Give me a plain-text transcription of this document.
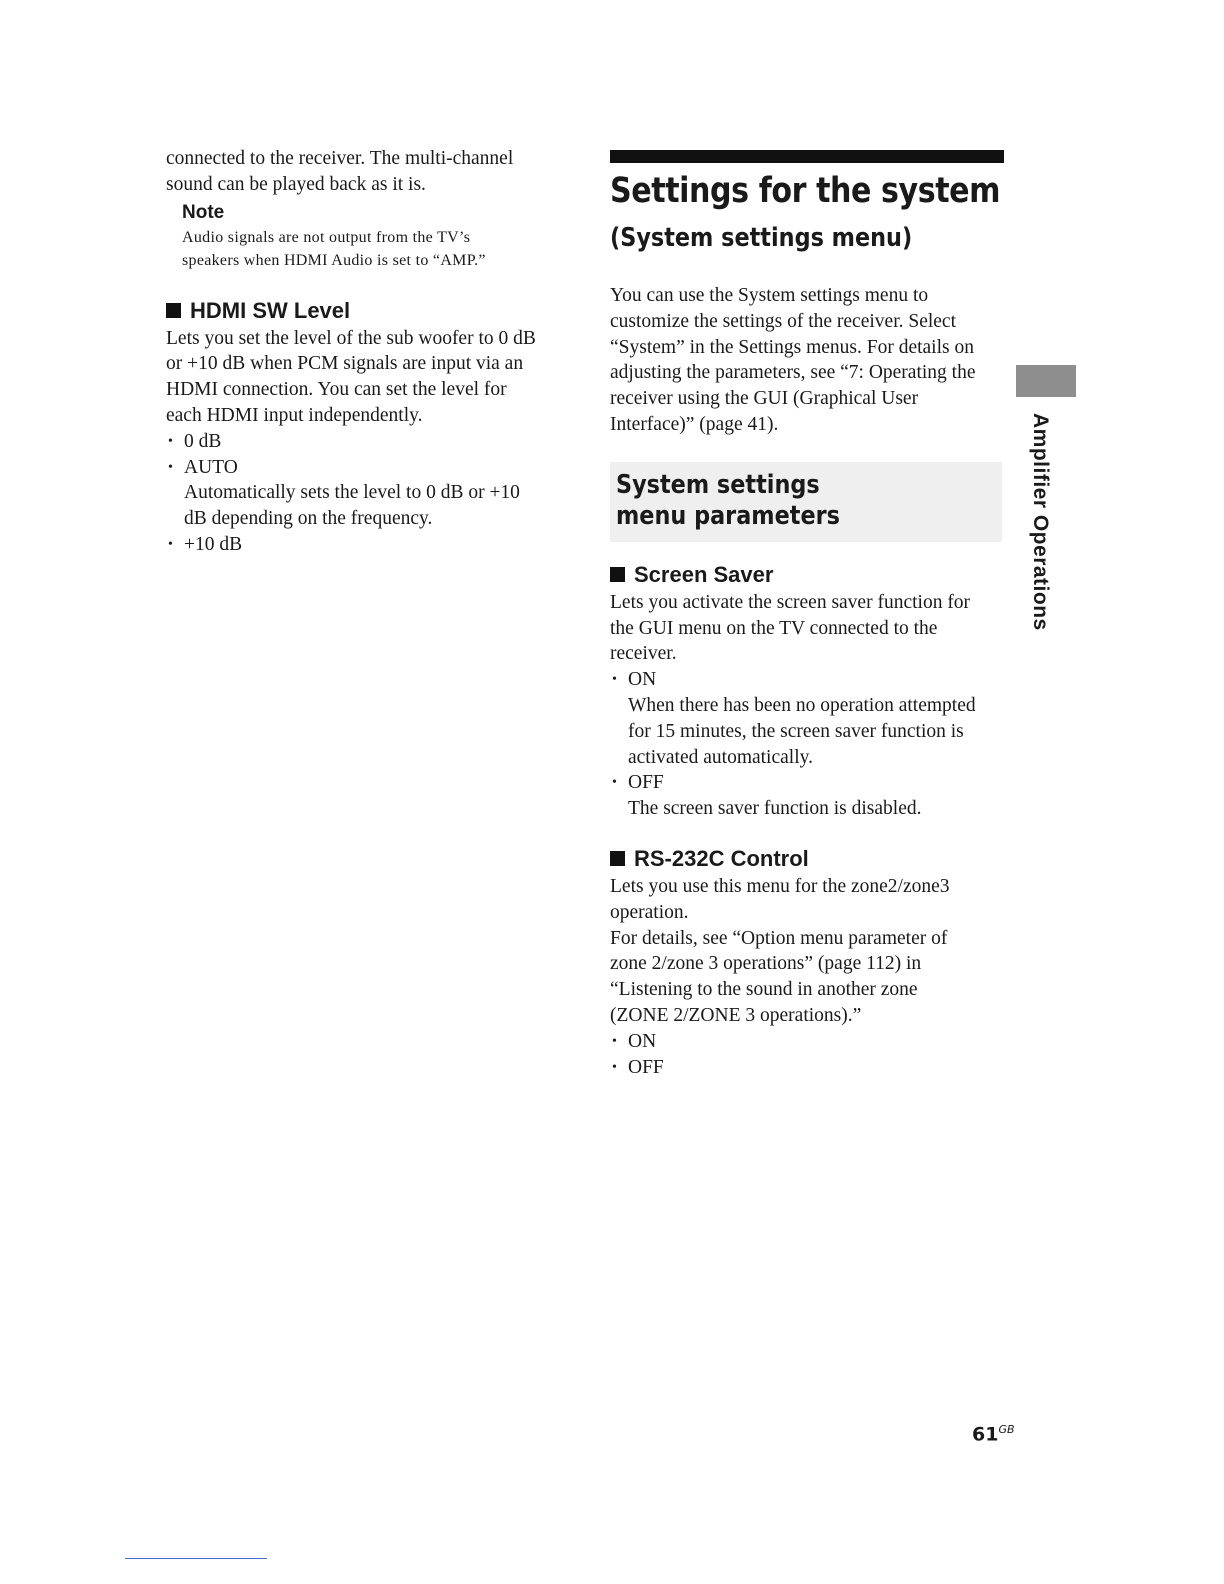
connected to the receiver. The multi-channel
sound can be played back as it is.

Note

Audio signals are not output from the TV’s
speakers when HDMI Audio is set to “AMP.”

HDMI SW Level

Lets you set the level of the sub woofer to 0 dB
or +10 dB when PCM signals are input via an
HDMI connection. You can set the level for
each HDMI input independently.

• 0 dB
• AUTO
Automatically sets the level to 0 dB or +10
dB depending on the frequency.
• +10 dB
Settings for the system
(System settings menu)

You can use the System settings menu to
customize the settings of the receiver. Select
“System” in the Settings menus. For details on
adjusting the parameters, see “7: Operating the
receiver using the GUI (Graphical User
Interface)” (page 41).

System settings menu parameters
Screen Saver

Lets you activate the screen saver function for
the GUI menu on the TV connected to the
receiver.

• ON
When there has been no operation attempted
for 15 minutes, the screen saver function is
activated automatically.
• OFF
The screen saver function is disabled.
RS-232C Control

Lets you use this menu for the zone2/zone3
operation.
For details, see “Option menu parameter of
zone 2/zone 3 operations” (page 112) in
“Listening to the sound in another zone
(ZONE 2/ZONE 3 operations).”

• ON
• OFF
Amplifier Operations
$61^{GB}$
